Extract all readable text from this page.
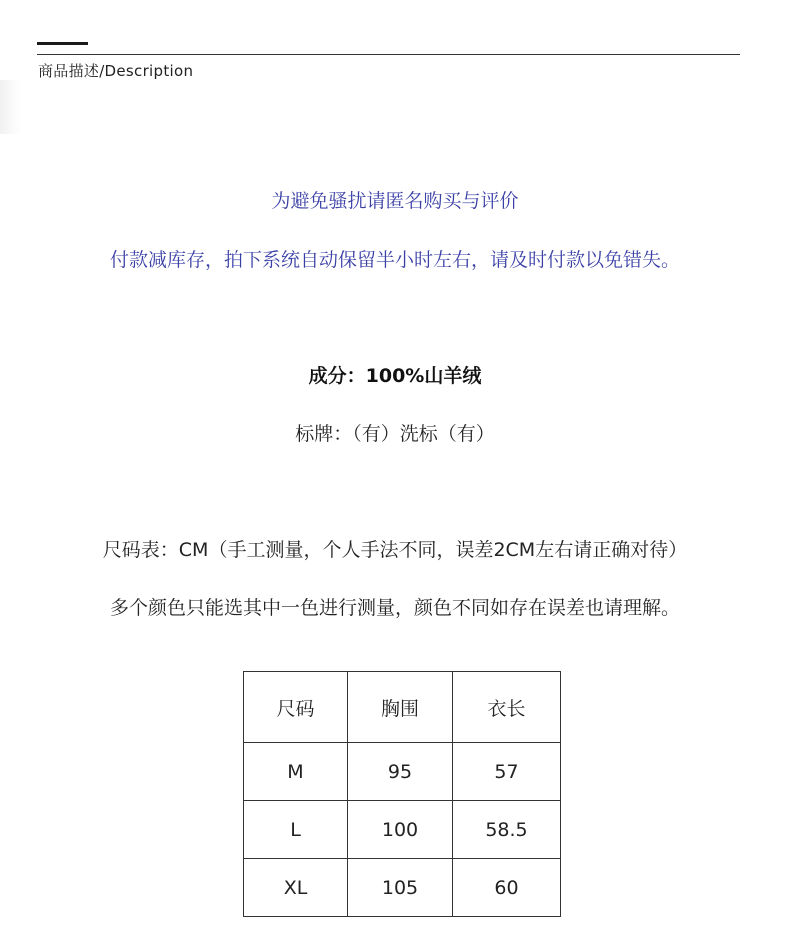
商品描述/Description
为避免骚扰请匿名购买与评价
付款减库存，拍下系统自动保留半小时左右，请及时付款以免错失。
成分：100%山羊绒
标牌：（有）洗标（有）
尺码表：CM（手工测量，个人手法不同，误差2CM左右请正确对待）
多个颜色只能选其中一色进行测量，颜色不同如存在误差也请理解。
尺码	胸围	衣长
M	95	57
L	100	58.5
XL	105	60
